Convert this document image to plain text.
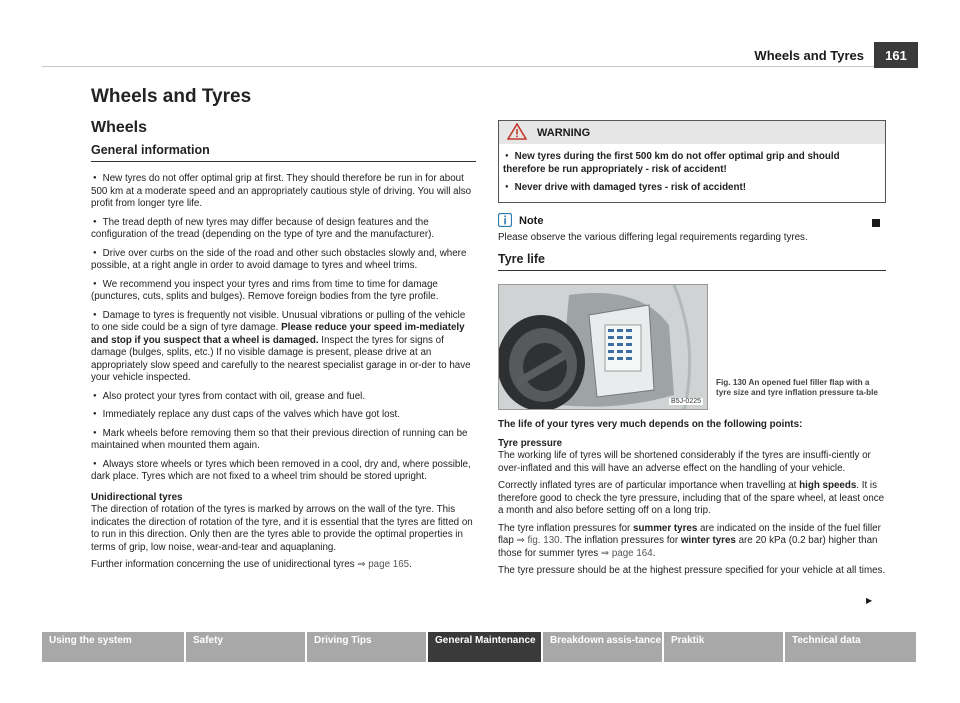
Wheels and Tyres	161
Wheels and Tyres
Wheels
General information
● New tyres do not offer optimal grip at first. They should therefore be run in for about 500 km at a moderate speed and an appropriately cautious style of driving. You will also profit from longer tyre life.
● The tread depth of new tyres may differ because of design features and the configuration of the tread (depending on the type of tyre and the manufacturer).
● Drive over curbs on the side of the road and other such obstacles slowly and, where possible, at a right angle in order to avoid damage to tyres and wheel trims.
● We recommend you inspect your tyres and rims from time to time for damage (punctures, cuts, splits and bulges). Remove foreign bodies from the tyre profile.
● Damage to tyres is frequently not visible. Unusual vibrations or pulling of the vehicle to one side could be a sign of tyre damage. Please reduce your speed im-mediately and stop if you suspect that a wheel is damaged. Inspect the tyres for signs of damage (bulges, splits, etc.) If no visible damage is present, please drive at an appropriately slow speed and carefully to the nearest specialist garage in or-der to have your vehicle inspected.
● Also protect your tyres from contact with oil, grease and fuel.
● Immediately replace any dust caps of the valves which have got lost.
● Mark wheels before removing them so that their previous direction of running can be maintained when mounted them again.
● Always store wheels or tyres which been removed in a cool, dry and, where possible, dark place. Tyres which are not fixed to a wheel trim should be stored upright.

Unidirectional tyres

The direction of rotation of the tyres is marked by arrows on the wall of the tyre. This indicates the direction of rotation of the tyre, and it is essential that the tyres are fitted on to run in this direction. Only then are the tyres able to provide the optimal properties in terms of grip, low noise, wear-and-tear and aquaplaning.

Further information concerning the use of unidirectional tyres ⇒ page 165.

WARNING
● New tyres during the first 500 km do not offer optimal grip and should therefore be run appropriately - risk of accident!
● Never drive with damaged tyres - risk of accident!
Note

Please observe the various differing legal requirements regarding tyres.

Tyre life
B5J-0225
Fig. 130 An opened fuel filler flap with a tyre size and tyre inflation pressure ta-ble

The life of your tyres very much depends on the following points:

Tyre pressure

The working life of tyres will be shortened considerably if the tyres are insuffi-ciently or over-inflated and this will have an adverse effect on the handling of your vehicle.

Correctly inflated tyres are of particular importance when travelling at high speeds. It is therefore good to check the tyre pressure, including that of the spare wheel, at least once a month and also before setting off on a long trip.

The tyre inflation pressures for summer tyres are indicated on the inside of the fuel filler flap ⇒ fig. 130. The inflation pressures for winter tyres are 20 kPa (0.2 bar) higher than those for summer tyres ⇒ page 164.

The tyre pressure should be at the highest pressure specified for your vehicle at all times.

▶
Using the system	Safety	Driving Tips	General Maintenance	Breakdown assis-tance Praktik	Technical data
